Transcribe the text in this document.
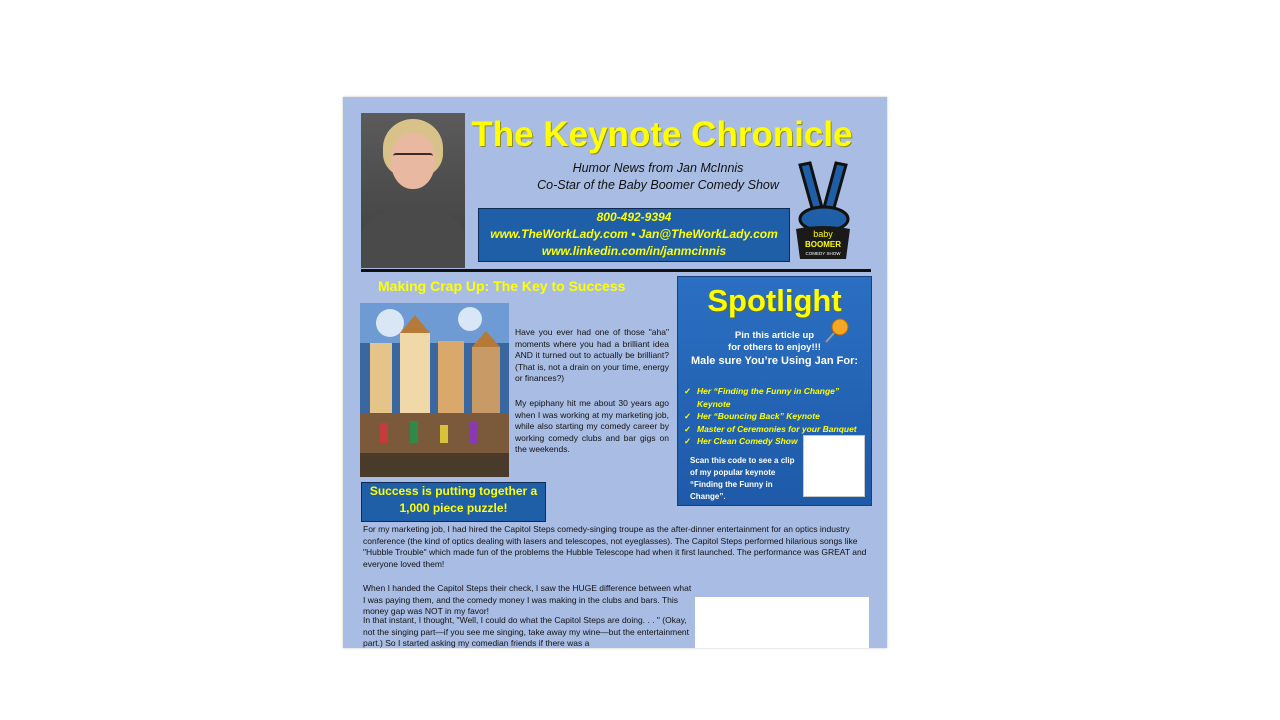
The Keynote Chronicle
Humor News from Jan McInnis
Co-Star of the Baby Boomer Comedy Show
800-492-9394
www.TheWorkLady.com • Jan@TheWorkLady.com
www.linkedin.com/in/janmcinnis
baby
BOOMER
COMEDY SHOW
Making Crap Up: The Key to Success
Have you ever had one of those "aha" moments where you had a brilliant idea AND it turned out to actually be brilliant? (That is, not a drain on your time, energy or finances?)
My epiphany hit me about 30 years ago when I was working at my marketing job, while also starting my comedy career by working comedy clubs and bar gigs on the weekends.
Spotlight
Pin this article up
for others to enjoy!!!
Male sure You’re Using Jan For:
✓ Her “Finding the Funny in Change” Keynote
✓ Her “Bouncing Back” Keynote
✓ Master of Ceremonies for your Banquet
✓ Her Clean Comedy Show
Scan this code to see a clip of my popular keynote “Finding the Funny in Change”.
Success is putting together a
1,000 piece puzzle!
For my marketing job, I had hired the Capitol Steps comedy-singing troupe as the after-dinner entertainment for an optics industry conference (the kind of optics dealing with lasers and telescopes, not eyeglasses). The Capitol Steps performed hilarious songs like "Hubble Trouble" which made fun of the problems the Hubble Telescope had when it first launched. The performance was GREAT and everyone loved them!
When I handed the Capitol Steps their check, I saw the HUGE difference between what I was paying them, and the comedy money I was making in the clubs and bars. This money gap was NOT in my favor!
In that instant, I thought, "Well, I could do what the Capitol Steps are doing. . . " (Okay, not the singing part—if you see me singing, take away my wine—but the entertainment part.) So I started asking my comedian friends if there was a
